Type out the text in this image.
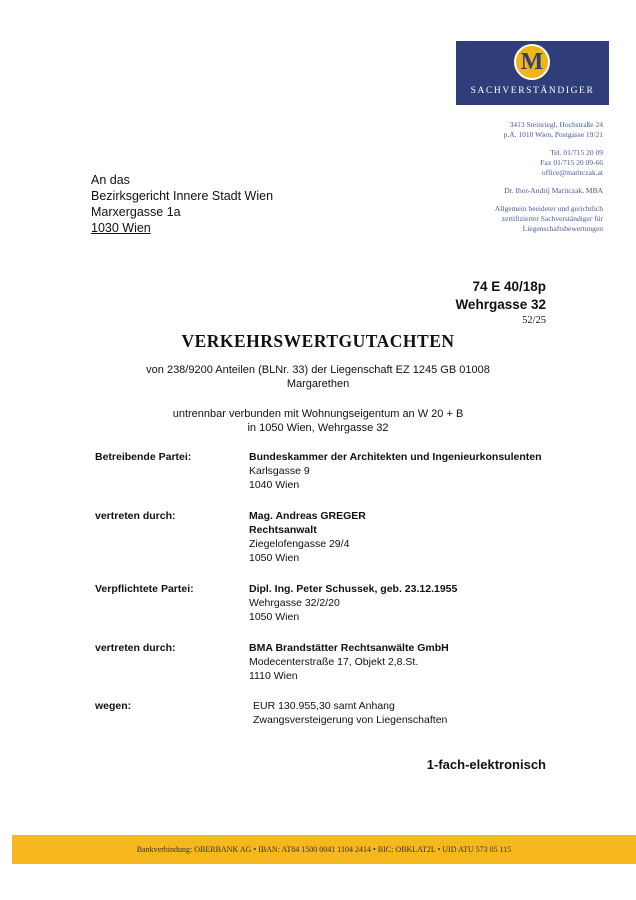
M
SACHVERSTÄNDIGER
3413 Steinriegl, Hochstraße 24
p.A. 1010 Wien, Postgasse 19/21
Tel. 01/715 20 09
Fax 01/715 20 09-66
office@maritczak.at
Dr. Ihor-Andrij Maritczak, MBA
Allgemein beeideter und gerichtlich
zertifizierter Sachverständiger für
Liegenschaftsbewertungen
An das
Bezirksgericht Innere Stadt Wien
Marxergasse 1a
1030 Wien
74 E 40/18p
Wehrgasse 32
52/25
VERKEHRSWERTGUTACHTEN
von 238/9200 Anteilen (BLNr. 33) der Liegenschaft EZ 1245 GB 01008
Margarethen
untrennbar verbunden mit Wohnungseigentum an W 20 + B
in 1050 Wien, Wehrgasse 32
Betreibende Partei:	Bundeskammer der Architekten und Ingenieurkonsulenten
Karlsgasse 9
1040 Wien
vertreten durch:	Mag. Andreas GREGER
Rechtsanwalt
Ziegelofengasse 29/4
1050 Wien
Verpflichtete Partei:	Dipl. Ing. Peter Schussek, geb. 23.12.1955
Wehrgasse 32/2/20
1050 Wien
vertreten durch:	BMA Brandstätter Rechtsanwälte GmbH
Modecenterstraße 17, Objekt 2,8.St.
1110 Wien
wegen:	EUR 130.955,30 samt Anhang
Zwangsversteigerung von Liegenschaften
1-fach-elektronisch
Bankverbindung: OBERBANK AG • IBAN: AT84 1500 0041 1104 2414 • BIC: OBKLAT2L • UID ATU 573 05 115
